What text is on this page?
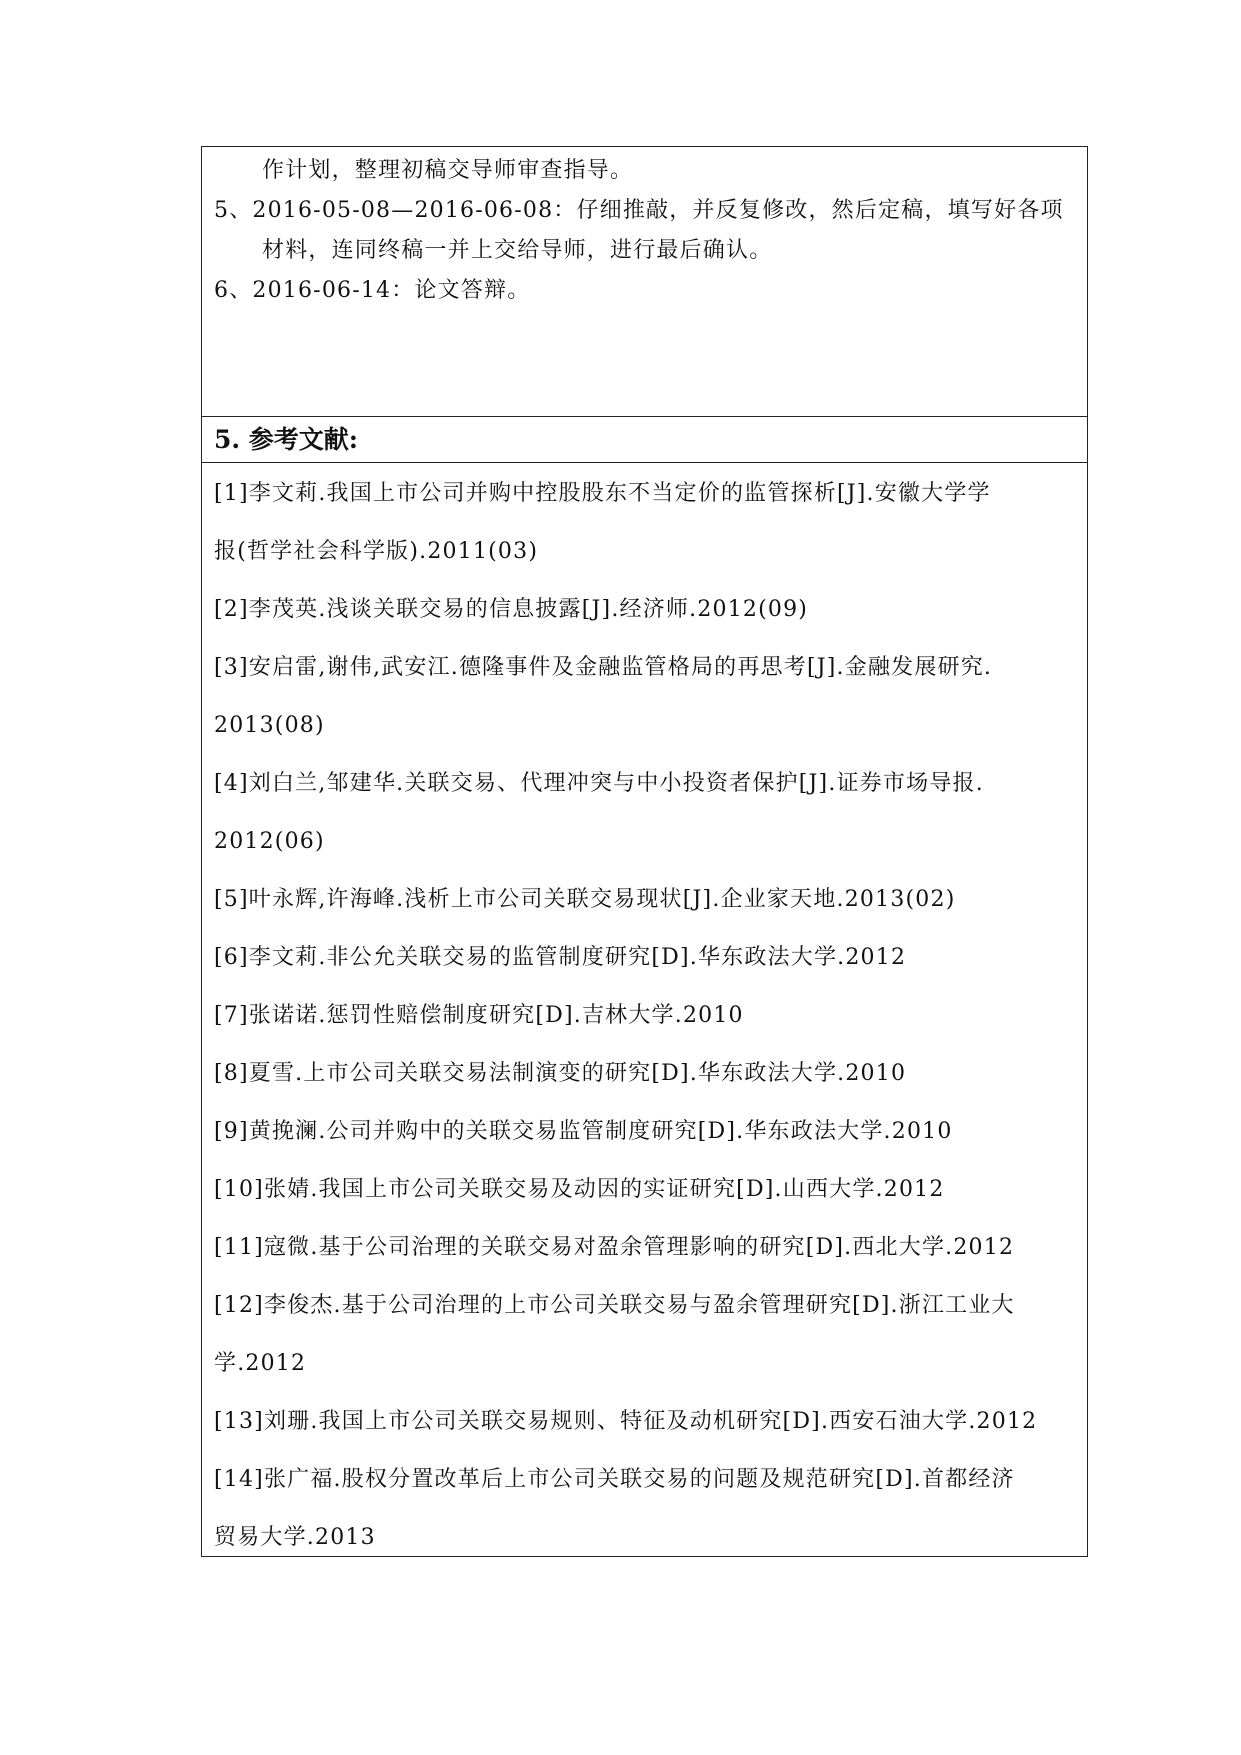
作计划，整理初稿交导师审查指导。
5、2016-05-08—2016-06-08：仔细推敲，并反复修改，然后定稿，填写好各项
材料，连同终稿一并上交给导师，进行最后确认。
6、2016-06-14：论文答辩。
5. 参考文献:
[1]李文莉.我国上市公司并购中控股股东不当定价的监管探析[J].安徽大学学
报(哲学社会科学版).2011(03)
[2]李茂英.浅谈关联交易的信息披露[J].经济师.2012(09)
[3]安启雷,谢伟,武安江.德隆事件及金融监管格局的再思考[J].金融发展研究.
2013(08)
[4]刘白兰,邹建华.关联交易、代理冲突与中小投资者保护[J].证券市场导报.
2012(06)
[5]叶永辉,许海峰.浅析上市公司关联交易现状[J].企业家天地.2013(02)
[6]李文莉.非公允关联交易的监管制度研究[D].华东政法大学.2012
[7]张诺诺.惩罚性赔偿制度研究[D].吉林大学.2010
[8]夏雪.上市公司关联交易法制演变的研究[D].华东政法大学.2010
[9]黄挽澜.公司并购中的关联交易监管制度研究[D].华东政法大学.2010
[10]张婧.我国上市公司关联交易及动因的实证研究[D].山西大学.2012
[11]寇微.基于公司治理的关联交易对盈余管理影响的研究[D].西北大学.2012
[12]李俊杰.基于公司治理的上市公司关联交易与盈余管理研究[D].浙江工业大
学.2012
[13]刘珊.我国上市公司关联交易规则、特征及动机研究[D].西安石油大学.2012
[14]张广福.股权分置改革后上市公司关联交易的问题及规范研究[D].首都经济
贸易大学.2013
